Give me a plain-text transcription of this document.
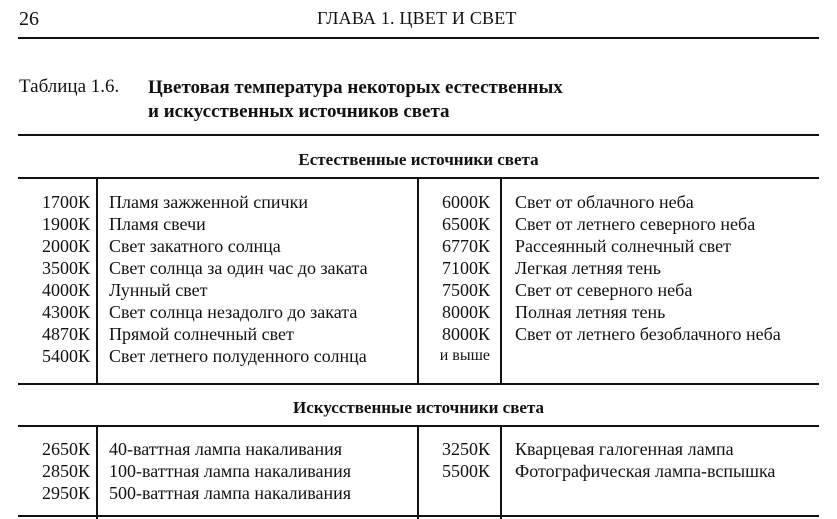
26	ГЛАВА 1. ЦВЕТ И СВЕТ
Таблица 1.6. Цветовая температура некоторых естественных
и искусственных источников света
Естественные источники света
1700К
1900К
2000К
3500К
4000К
4300К
4870К
5400К
Пламя зажженной спички
Пламя свечи
Свет закатного солнца
Свет солнца за один час до заката
Лунный свет
Свет солнца незадолго до заката
Прямой солнечный свет
Свет летнего полуденного солнца
6000К
6500К
6770К
7100К
7500К
8000К
8000К
и выше
Свет от облачного неба
Свет от летнего северного неба
Рассеянный солнечный свет
Легкая летняя тень
Свет от северного неба
Полная летняя тень
Свет от летнего безоблачного неба
Искусственные источники света
2650К
2850К
2950К
40-ваттная лампа накаливания
100-ваттная лампа накаливания
500-ваттная лампа накаливания
3250К
5500К
Кварцевая галогенная лампа
Фотографическая лампа-вспышка
